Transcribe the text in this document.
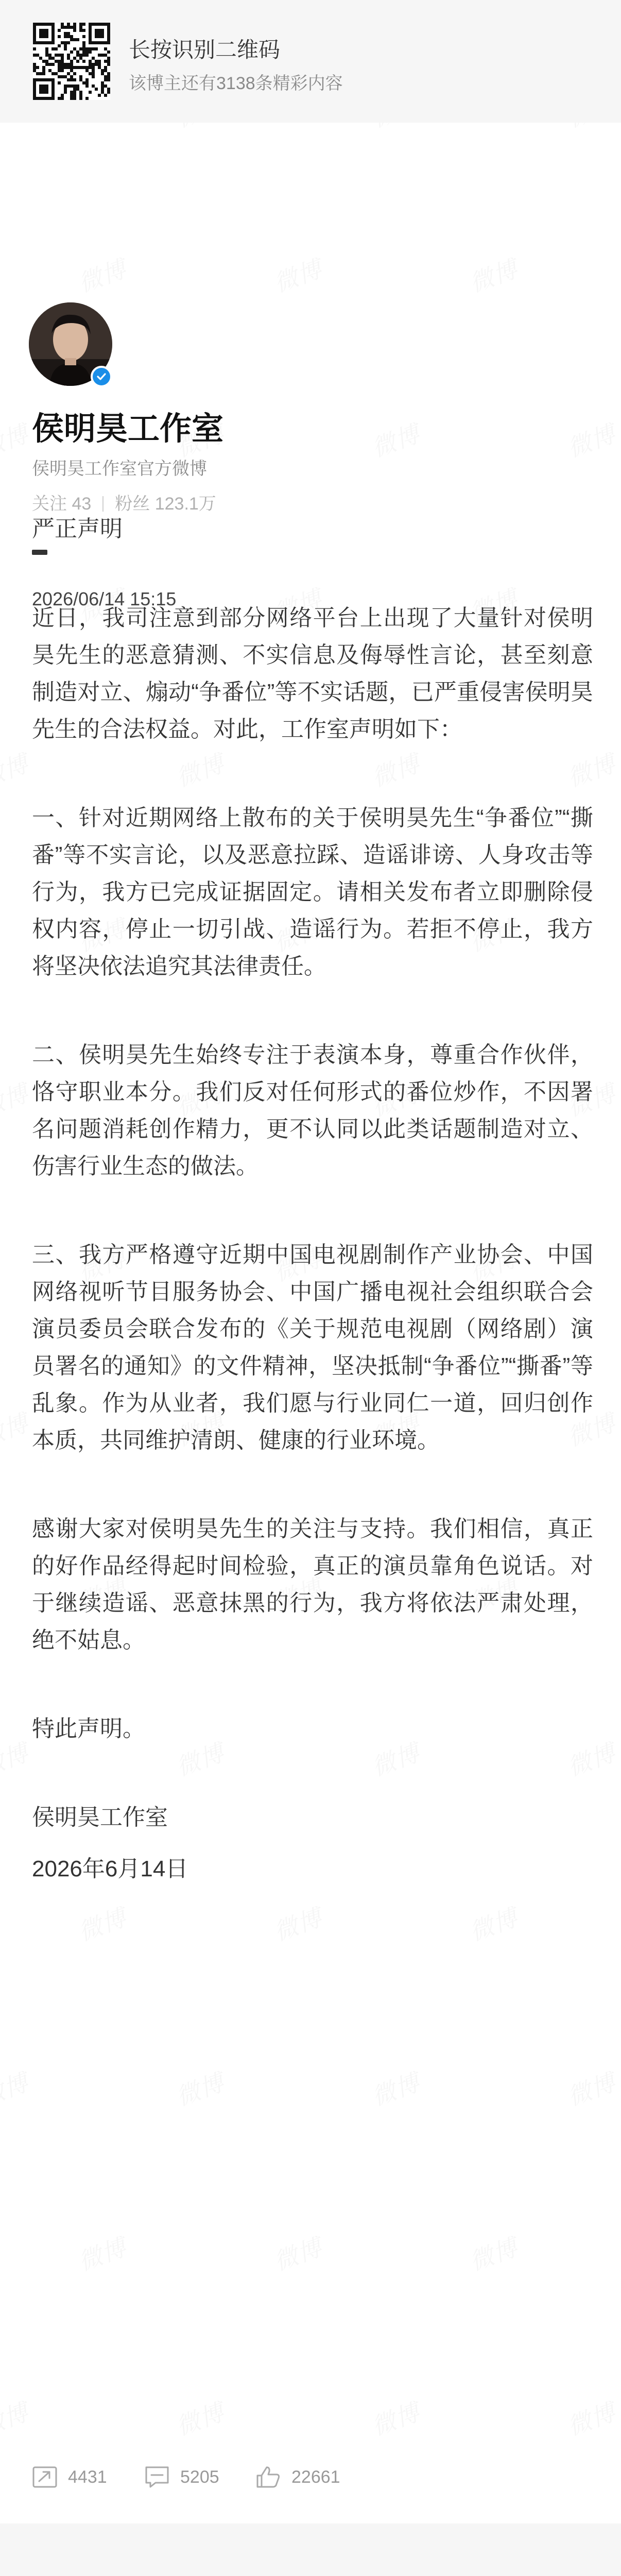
长按识别二维码
该博主还有3138条精彩内容
侯明昊工作室
侯明昊工作室官方微博
关注 43 粉丝 123.1万
2026/06/14 15:15
严正声明
近日，我司注意到部分网络平台上出现了大量针对侯明昊先生的恶意猜测、不实信息及侮辱性言论，甚至刻意制造对立、煽动“争番位”等不实话题，已严重侵害侯明昊先生的合法权益。对此，工作室声明如下：
一、针对近期网络上散布的关于侯明昊先生“争番位”“撕番”等不实言论，以及恶意拉踩、造谣诽谤、人身攻击等行为，我方已完成证据固定。请相关发布者立即删除侵权内容，停止一切引战、造谣行为。若拒不停止，我方将坚决依法追究其法律责任。
二、侯明昊先生始终专注于表演本身，尊重合作伙伴，恪守职业本分。我们反对任何形式的番位炒作，不因署名问题消耗创作精力，更不认同以此类话题制造对立、伤害行业生态的做法。
三、我方严格遵守近期中国电视剧制作产业协会、中国网络视听节目服务协会、中国广播电视社会组织联合会演员委员会联合发布的《关于规范电视剧（网络剧）演员署名的通知》的文件精神，坚决抵制“争番位”“撕番”等乱象。作为从业者，我们愿与行业同仁一道，回归创作本质，共同维护清朗、健康的行业环境。
感谢大家对侯明昊先生的关注与支持。我们相信，真正的好作品经得起时间检验，真正的演员靠角色说话。对于继续造谣、恶意抹黑的行为，我方将依法严肃处理，绝不姑息。
特此声明。
侯明昊工作室
2026年6月14日
4431	5205	22661
